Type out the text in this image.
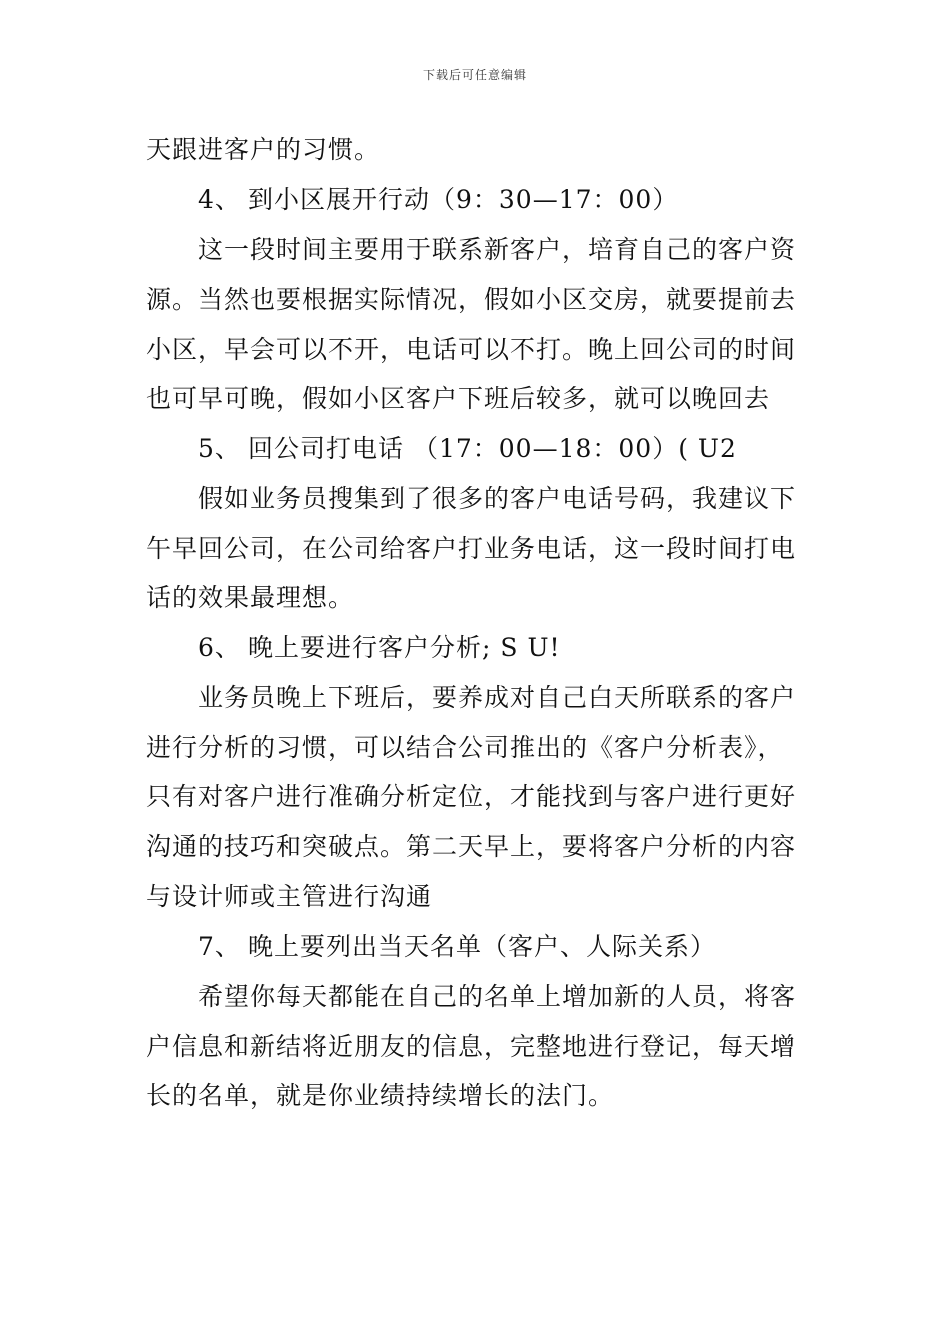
下载后可任意编辑
天跟进客户的习惯。
4、 到小区展开行动（9：30—17：00）
这一段时间主要用于联系新客户，培育自己的客户资
源。当然也要根据实际情况，假如小区交房，就要提前去
小区，早会可以不开，电话可以不打。晚上回公司的时间
也可早可晚，假如小区客户下班后较多，就可以晚回去
5、 回公司打电话 （17：00—18：00）( U2
假如业务员搜集到了很多的客户电话号码，我建议下
午早回公司，在公司给客户打业务电话，这一段时间打电
话的效果最理想。
6、 晚上要进行客户分析; S U!
业务员晚上下班后，要养成对自己白天所联系的客户
进行分析的习惯，可以结合公司推出的《客户分析表》，
只有对客户进行准确分析定位，才能找到与客户进行更好
沟通的技巧和突破点。第二天早上，要将客户分析的内容
与设计师或主管进行沟通
7、 晚上要列出当天名单（客户、人际关系）
希望你每天都能在自己的名单上增加新的人员，将客
户信息和新结将近朋友的信息，完整地进行登记，每天增
长的名单，就是你业绩持续增长的法门。
